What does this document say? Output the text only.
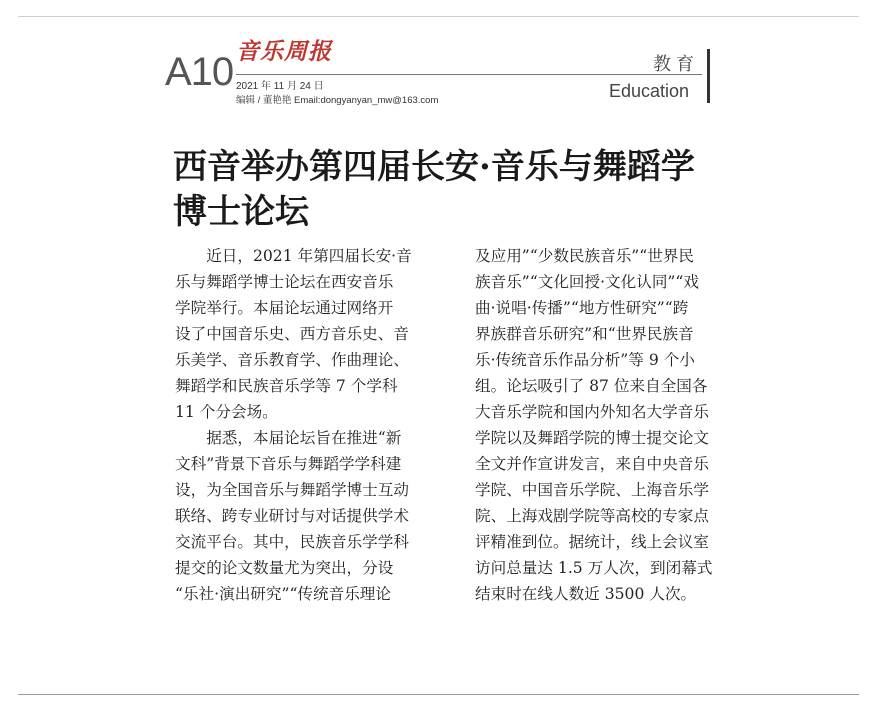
A10 音乐周报
2021 年 11 月 24 日
编辑 / 董艳艳 Email:dongyanyan_mw@163.com
教育
Education
西音举办第四届长安·音乐与舞蹈学
博士论坛
　　近日，2021 年第四届长安·音
乐与舞蹈学博士论坛在西安音乐
学院举行。本届论坛通过网络开
设了中国音乐史、西方音乐史、音
乐美学、音乐教育学、作曲理论、
舞蹈学和民族音乐学等 7 个学科
11 个分会场。
　　据悉，本届论坛旨在推进“新
文科”背景下音乐与舞蹈学学科建
设，为全国音乐与舞蹈学博士互动
联络、跨专业研讨与对话提供学术
交流平台。其中，民族音乐学学科
提交的论文数量尤为突出，分设
“乐社·演出研究”“传统音乐理论
及应用”“少数民族音乐”“世界民
族音乐”“文化回授·文化认同”“戏
曲·说唱·传播”“地方性研究”“跨
界族群音乐研究”和“世界民族音
乐·传统音乐作品分析”等 9 个小
组。论坛吸引了 87 位来自全国各
大音乐学院和国内外知名大学音乐
学院以及舞蹈学院的博士提交论文
全文并作宣讲发言，来自中央音乐
学院、中国音乐学院、上海音乐学
院、上海戏剧学院等高校的专家点
评精准到位。据统计，线上会议室
访问总量达 1.5 万人次，到闭幕式
结束时在线人数近 3500 人次。
